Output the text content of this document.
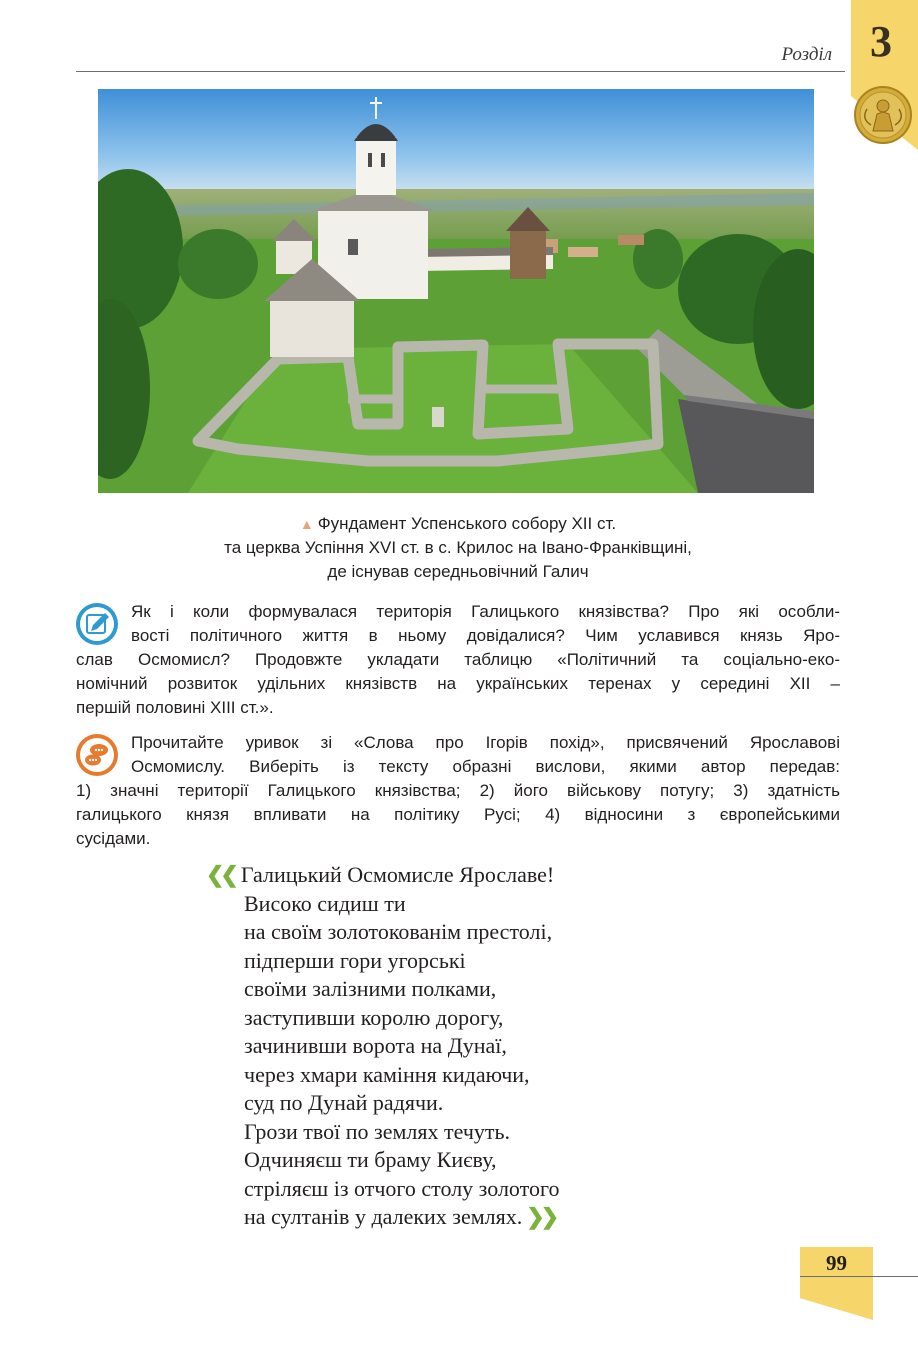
Розділ 3
▲ Фундамент Успенського собору XII ст.
та церква Успіння XVI ст. в с. Крилос на Івано-Франківщині,
де існував середньовічний Галич
Як і коли формувалася територія Галицького князівства? Про які особли-
вості політичного життя в ньому довідалися? Чим уславився князь Яро-
слав Осмомисл? Продовжте укладати таблицю «Політичний та соціально-еко-
номічний розвиток удільних князівств на українських теренах у середині XII –
першій половині XIII ст.».
Прочитайте уривок зі «Слова про Ігорів похід», присвячений Ярославові
Осмомислу. Виберіть із тексту образні вислови, якими автор передав:
1) значні території Галицького князівства; 2) його військову потугу; 3) здатність
галицького князя впливати на політику Русі; 4) відносини з європейськими
сусідами.
❮❮ Галицький Осмомисле Ярославе!
Високо сидиш ти
на своїм золотокованім престолі,
підперши гори угорські
своїми залізними полками,
заступивши королю дорогу,
зачинивши ворота на Дунаї,
через хмари каміння кидаючи,
суд по Дунай радячи.
Грози твої по землях течуть.
Одчиняєш ти браму Києву,
стріляєш із отчого столу золотого
на султанів у далеких землях. ❯❯
99
